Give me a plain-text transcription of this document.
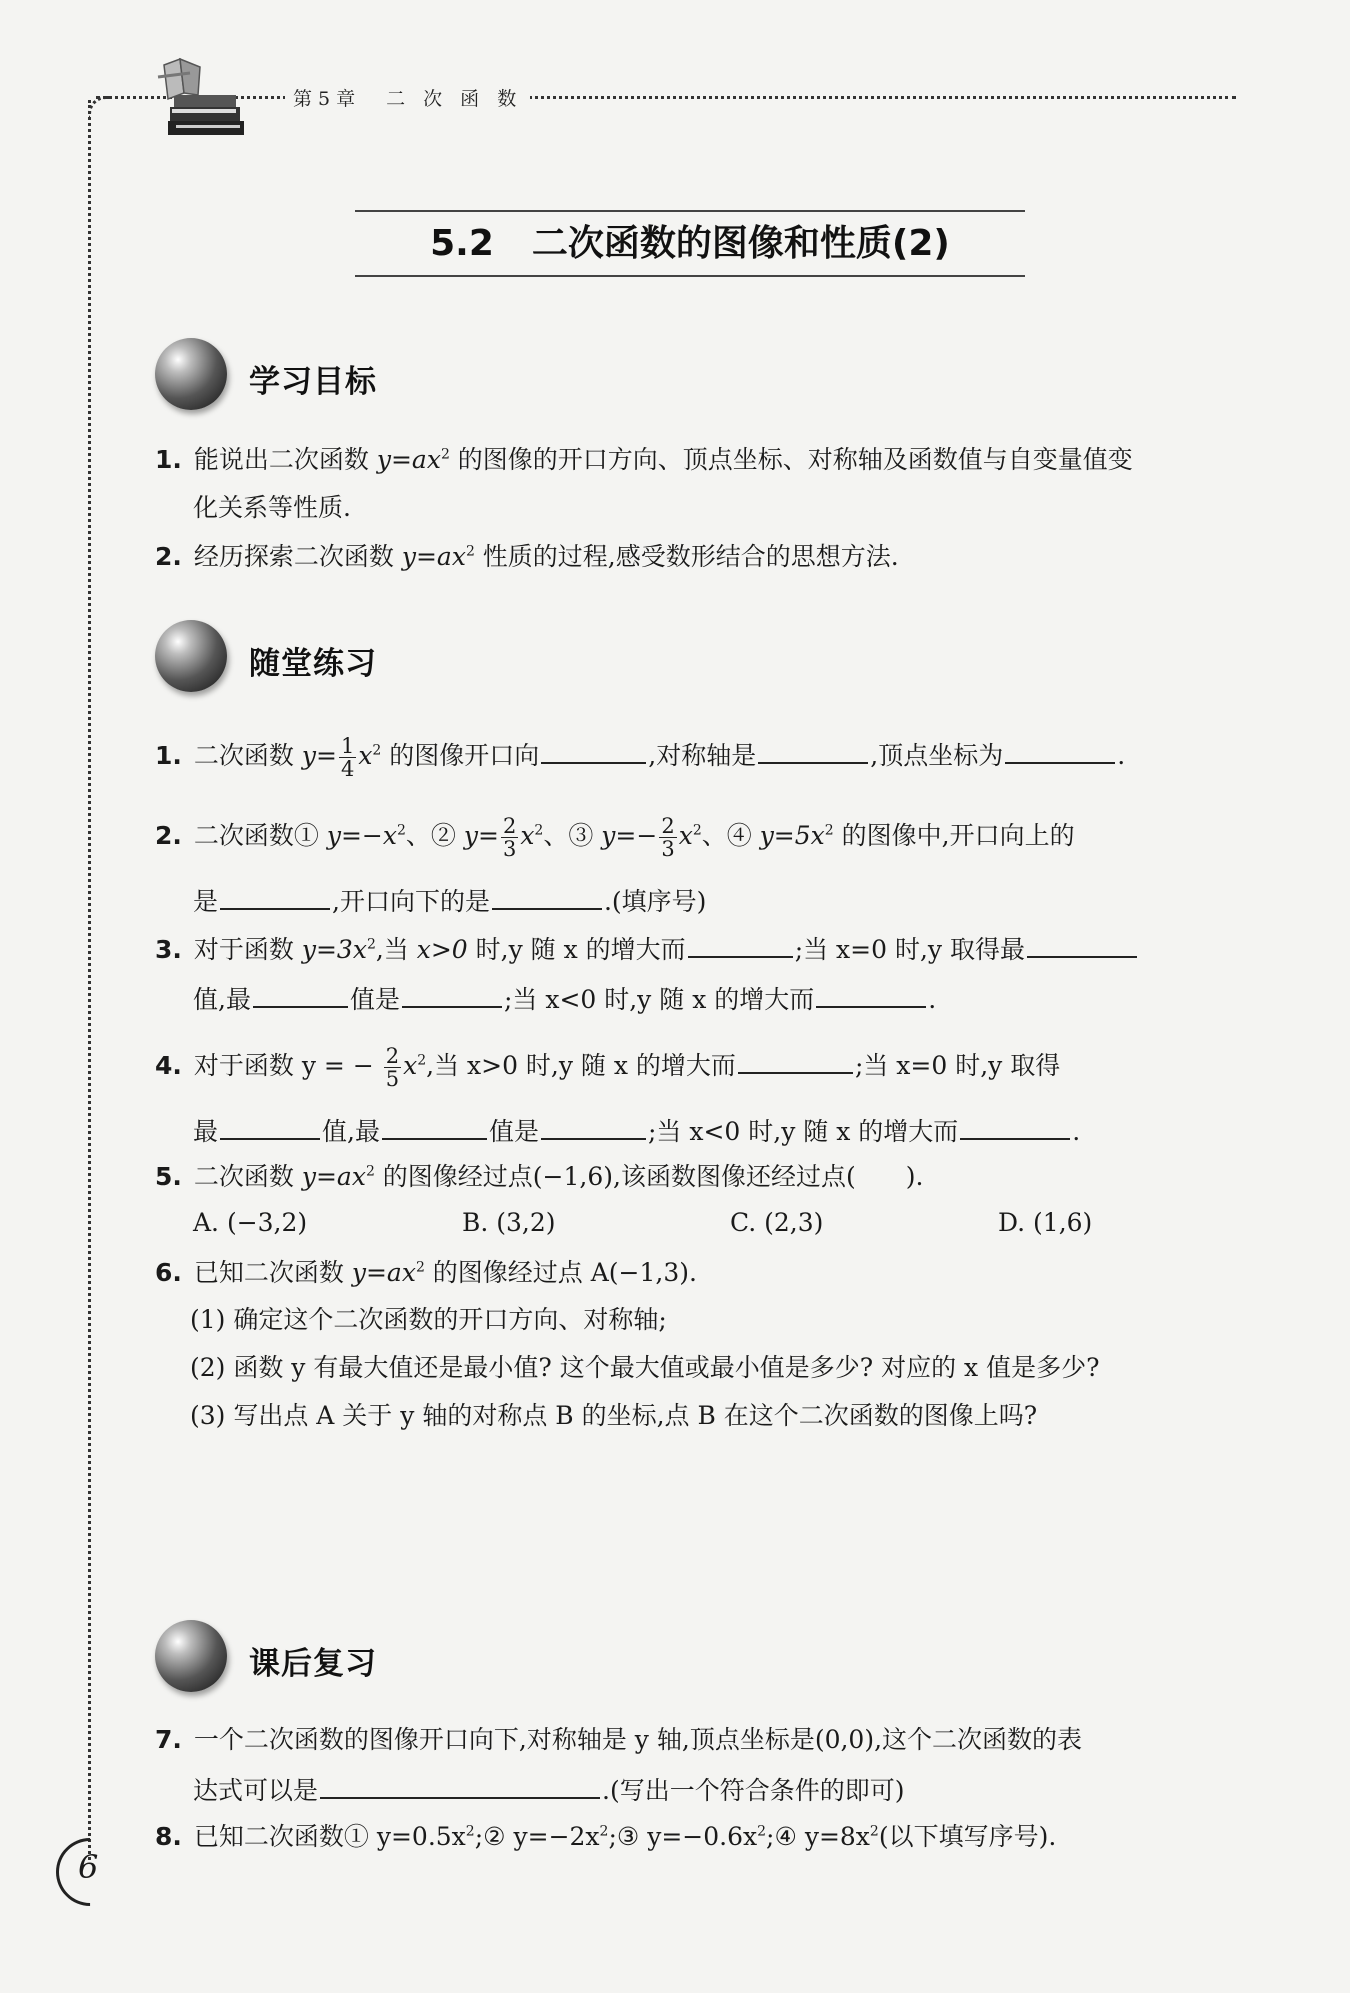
第5章　二 次 函 数
5.2 二次函数的图像和性质(2)
学习目标
1. 能说出二次函数 $y=ax^2$ 的图像的开口方向、顶点坐标、对称轴及函数值与自变量值变
化关系等性质.
2. 经历探索二次函数 $y=ax^2$ 性质的过程,感受数形结合的思想方法.
随堂练习
1. 二次函数 $y= \frac{1}{4} x^2$ 的图像开口向	,对称轴是	,顶点坐标为	.
2. 二次函数① $y=-x^2$、② $y= \frac{2}{3} x^2$、③ $y=- \frac{2}{3} x^2$、④ $y=5x^2$ 的图像中,开口向上的
是	,开口向下的是	.(填序号)
3. 对于函数 $y=3x^2$,当 x>0 时,y 随 x 的增大而	;当 x=0 时,y 取得最
值,最	值是	;当 x<0 时,y 随 x 的增大而	.
4. 对于函数 y = − $\frac{2}{5} x^2$,当 x>0 时,y 随 x 的增大而	;当 x=0 时,y 取得
最	值,最	值是	;当 x<0 时,y 随 x 的增大而	.
5. 二次函数 $y=ax^2$ 的图像经过点(−1,6),该函数图像还经过点(　　).
A. (−3,2)	B. (3,2)	C. (2,3)	D. (1,6)
6. 已知二次函数 $y=ax^2$ 的图像经过点 A(−1,3).
(1) 确定这个二次函数的开口方向、对称轴;
(2) 函数 y 有最大值还是最小值? 这个最大值或最小值是多少? 对应的 x 值是多少?
(3) 写出点 A 关于 y 轴的对称点 B 的坐标,点 B 在这个二次函数的图像上吗?
课后复习
7. 一个二次函数的图像开口向下,对称轴是 y 轴,顶点坐标是(0,0),这个二次函数的表
达式可以是	.(写出一个符合条件的即可)
8. 已知二次函数① $y=0.5x^2;②$ $y=-2x^2;③$ $y=-0.6x^2;④$ $y=8x^2$(以下填写序号).
6
